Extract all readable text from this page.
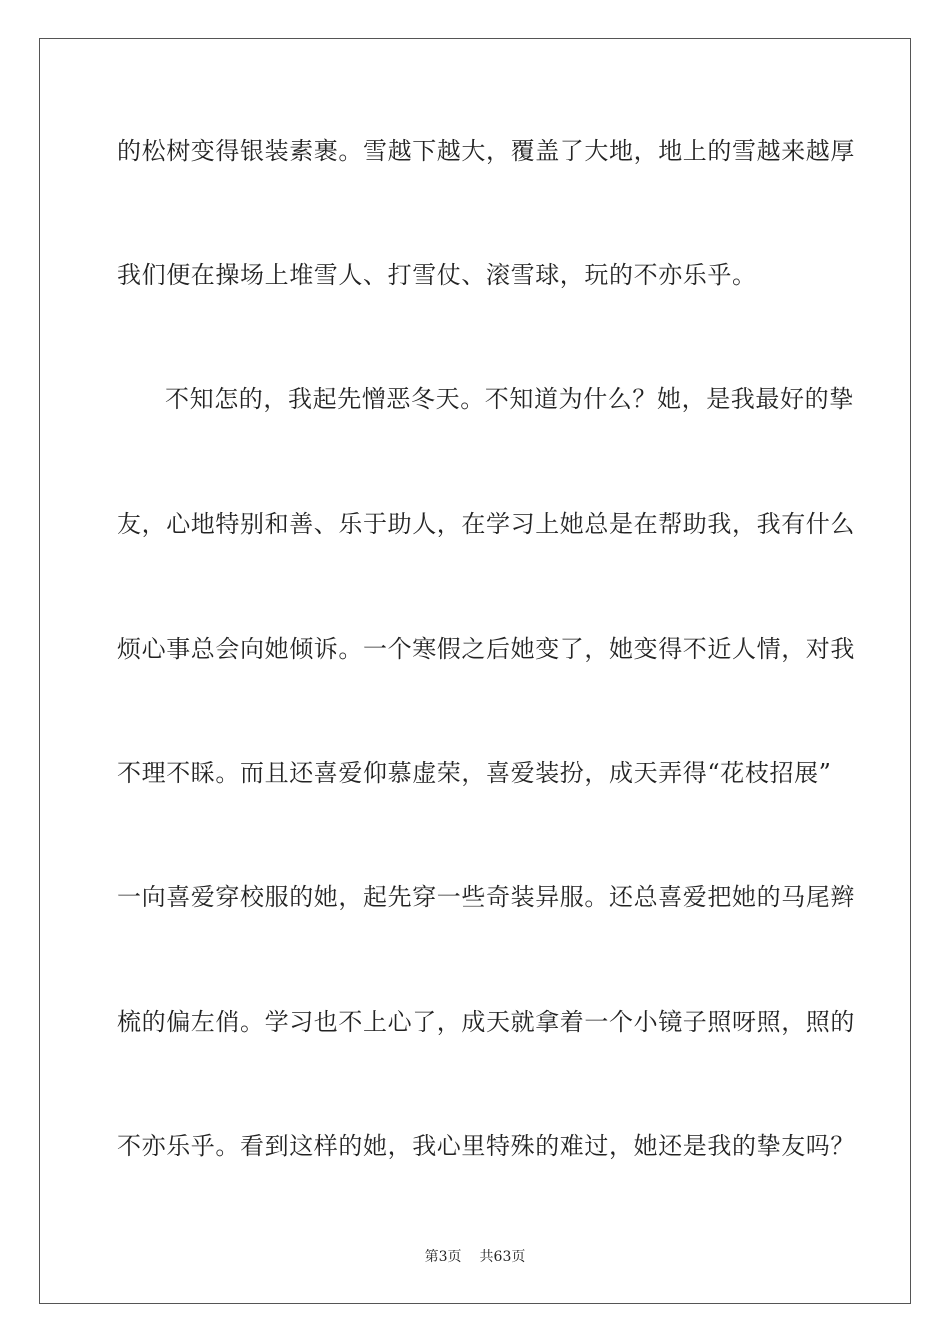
的松树变得银装素裹。雪越下越大，覆盖了大地，地上的雪越来越厚
我们便在操场上堆雪人、打雪仗、滚雪球，玩的不亦乐乎。
不知怎的，我起先憎恶冬天。不知道为什么？她，是我最好的挚
友，心地特别和善、乐于助人，在学习上她总是在帮助我，我有什么
烦心事总会向她倾诉。一个寒假之后她变了，她变得不近人情，对我
不理不睬。而且还喜爱仰慕虚荣，喜爱装扮，成天弄得“花枝招展”
一向喜爱穿校服的她，起先穿一些奇装异服。还总喜爱把她的马尾辫
梳的偏左俏。学习也不上心了，成天就拿着一个小镜子照呀照，照的
不亦乐乎。看到这样的她，我心里特殊的难过，她还是我的挚友吗？
第3页 共63页
